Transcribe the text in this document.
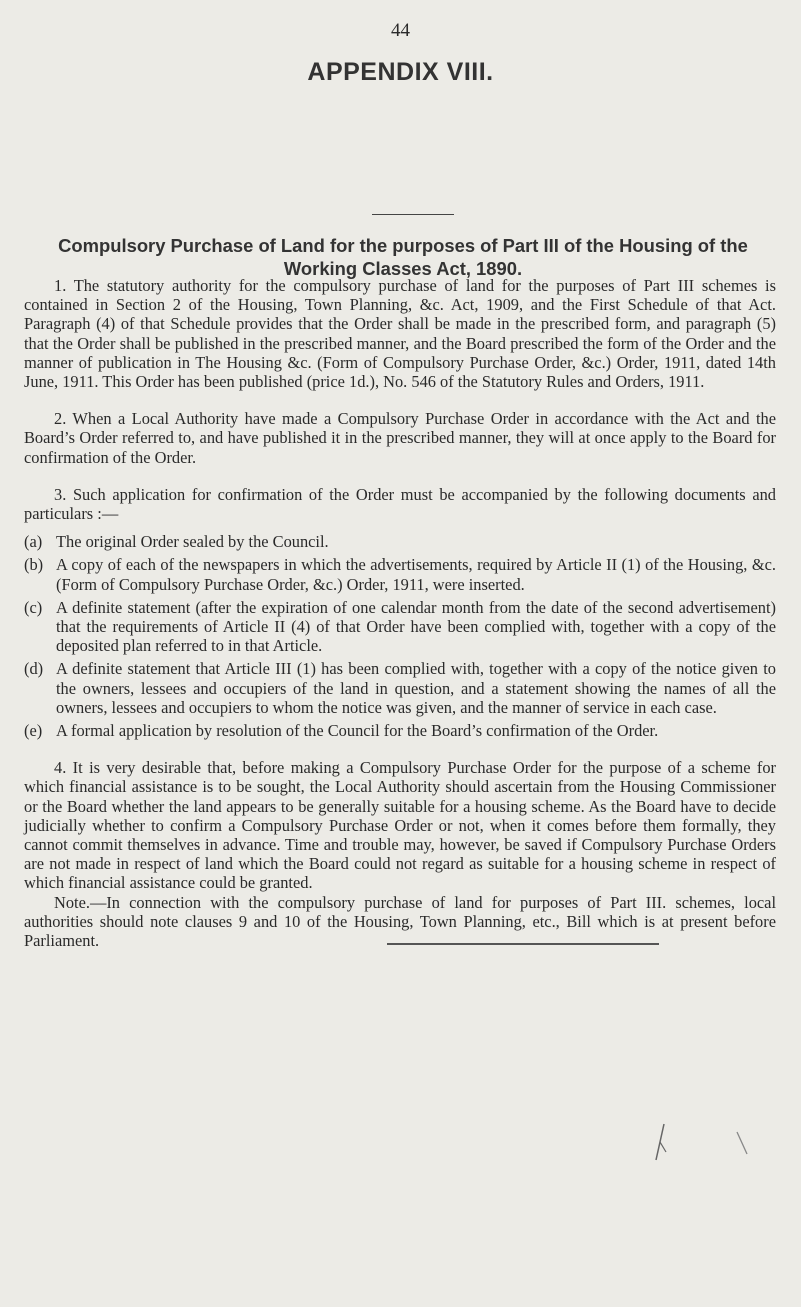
44
APPENDIX VIII.
Compulsory Purchase of Land for the purposes of Part III of the Housing of the Working Classes Act, 1890.

1. The statutory authority for the compulsory purchase of land for the purposes of Part III schemes is contained in Section 2 of the Housing, Town Planning, &c. Act, 1909, and the First Schedule of that Act. Paragraph (4) of that Schedule provides that the Order shall be made in the prescribed form, and paragraph (5) that the Order shall be published in the prescribed manner, and the Board prescribed the form of the Order and the manner of publication in The Housing &c. (Form of Compulsory Purchase Order, &c.) Order, 1911, dated 14th June, 1911. This Order has been published (price 1d.), No. 546 of the Statutory Rules and Orders, 1911.

2. When a Local Authority have made a Compulsory Purchase Order in accordance with the Act and the Board’s Order referred to, and have published it in the prescribed manner, they will at once apply to the Board for confirmation of the Order.

3. Such application for confirmation of the Order must be accompanied by the following documents and particulars :—

(a) The original Order sealed by the Council.

(b) A copy of each of the newspapers in which the advertisements, required by Article II (1) of the Housing, &c. (Form of Compulsory Purchase Order, &c.) Order, 1911, were inserted.

(c) A definite statement (after the expiration of one calendar month from the date of the second advertisement) that the requirements of Article II (4) of that Order have been complied with, together with a copy of the deposited plan referred to in that Article.

(d) A definite statement that Article III (1) has been complied with, together with a copy of the notice given to the owners, lessees and occupiers of the land in question, and a statement showing the names of all the owners, lessees and occupiers to whom the notice was given, and the manner of service in each case.

(e) A formal application by resolution of the Council for the Board’s confirmation of the Order.

4. It is very desirable that, before making a Compulsory Purchase Order for the purpose of a scheme for which financial assistance is to be sought, the Local Authority should ascertain from the Housing Commissioner or the Board whether the land appears to be generally suitable for a housing scheme. As the Board have to decide judicially whether to confirm a Compulsory Purchase Order or not, when it comes before them formally, they cannot commit themselves in advance. Time and trouble may, however, be saved if Compulsory Purchase Orders are not made in respect of land which the Board could not regard as suitable for a housing scheme in respect of which financial assistance could be granted.

Note.—In connection with the compulsory purchase of land for purposes of Part III. schemes, local authorities should note clauses 9 and 10 of the Housing, Town Planning, etc., Bill which is at present before Parliament.
